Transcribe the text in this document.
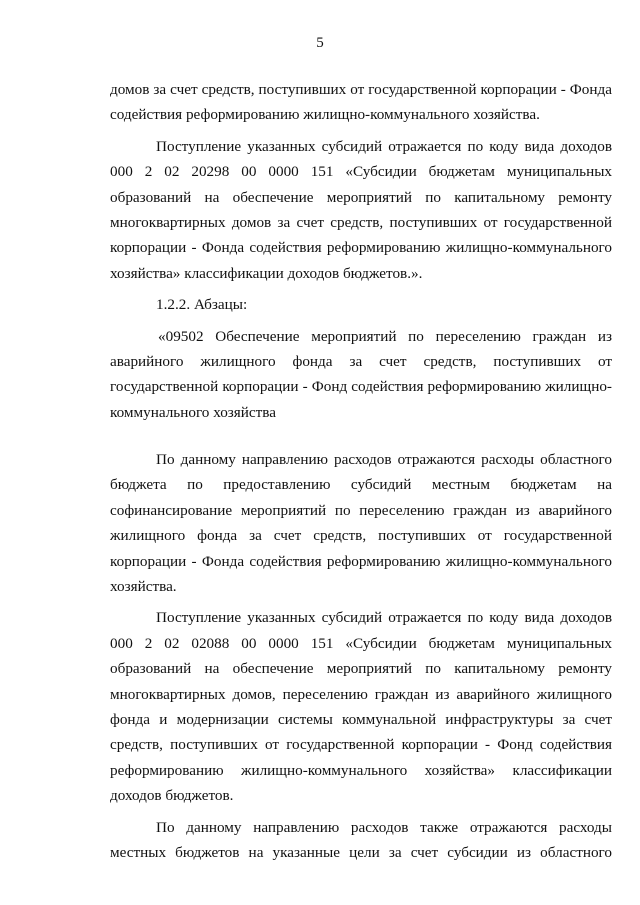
5
домов за счет средств, поступивших от государственной корпорации - Фонда
содействия реформированию жилищно-коммунального хозяйства.
Поступление указанных субсидий отражается по коду вида доходов
000 2 02 20298 00 0000 151 «Субсидии бюджетам муниципальных
образований на обеспечение мероприятий по капитальному ремонту
многоквартирных домов за счет средств, поступивших от государственной
корпорации - Фонда содействия реформированию жилищно-коммунального
хозяйства» классификации доходов бюджетов.».
1.2.2. Абзацы:
«09502 Обеспечение мероприятий по переселению граждан из
аварийного жилищного фонда за счет средств, поступивших от
государственной корпорации - Фонд содействия реформированию жилищно-
коммунального хозяйства
По данному направлению расходов отражаются расходы областного
бюджета по предоставлению субсидий местным бюджетам на
софинансирование мероприятий по переселению граждан из аварийного
жилищного фонда за счет средств, поступивших от государственной
корпорации - Фонда содействия реформированию жилищно-коммунального
хозяйства.
Поступление указанных субсидий отражается по коду вида доходов
000 2 02 02088 00 0000 151 «Субсидии бюджетам муниципальных
образований на обеспечение мероприятий по капитальному ремонту
многоквартирных домов, переселению граждан из аварийного жилищного
фонда и модернизации системы коммунальной инфраструктуры за счет
средств, поступивших от государственной корпорации - Фонд содействия
реформированию жилищно-коммунального хозяйства» классификации
доходов бюджетов.
По данному направлению расходов также отражаются расходы
местных бюджетов на указанные цели за счет субсидии из областного
